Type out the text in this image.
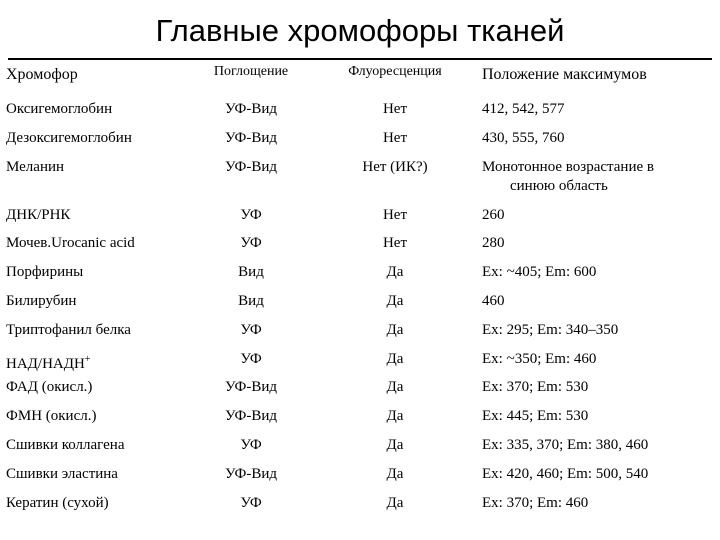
Главные хромофоры тканей
Хромофор	Поглощение	Флуоресценция	Положение максимумов
Оксигемоглобин	УФ-Вид	Нет	412, 542, 577
Дезоксигемоглобин	УФ-Вид	Нет	430, 555, 760
Меланин	УФ-Вид	Нет (ИК?)	Монотонное возрастание в
синюю область

ДНК/РНК	УФ	Нет	260
Мочев.Urocanic acid	УФ	Нет	280
Порфирины	Вид	Да	Ex: ~405; Em: 600
Билирубин	Вид	Да	460
Триптофанил белка	УФ	Да	Ex: 295; Em: 340–350
НАД/НАДН+	УФ	Да	Ex: ~350; Em: 460
ФАД (окисл.)	УФ-Вид	Да	Ex: 370; Em: 530
ФМН (окисл.)	УФ-Вид	Да	Ex: 445; Em: 530
Сшивки коллагена	УФ	Да	Ex: 335, 370; Em: 380, 460
Сшивки эластина	УФ-Вид	Да	Ex: 420, 460; Em: 500, 540
Кератин (сухой)	УФ	Да	Ex: 370; Em: 460
